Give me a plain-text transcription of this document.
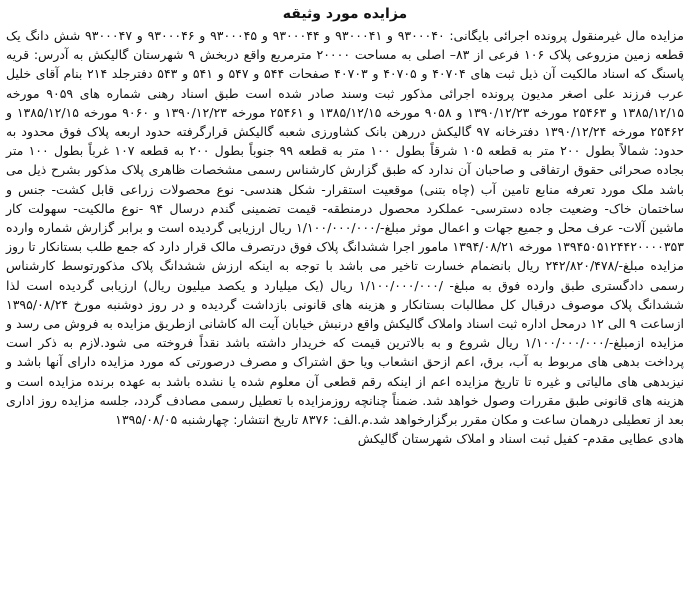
مزایده مورد وثیقه

مزایده مال غیرمنقول پرونده اجرائی بایگانی: ۹۳۰۰۰۴۰ و ۹۳۰۰۰۴۱ و ۹۳۰۰۰۴۴ و ۹۳۰۰۰۴۵ و ۹۳۰۰۰۴۶ و ۹۳۰۰۰۴۷ شش دانگ یک قطعه زمین مزروعی پلاک ۱۰۶ فرعی از ۸۳– اصلی به مساحت ۲۰۰۰۰ مترمربع واقع دربخش ۹ شهرستان گالیکش به آدرس: قریه پاسنگ که اسناد مالکیت آن ذیل ثبت های ۴۰۷۰۴ و ۴۰۷۰۵ و ۴۰۷۰۳ صفحات ۵۴۴ و ۵۴۷ و ۵۴۱ و ۵۴۳ دفترجلد ۲۱۴ بنام آقای خلیل عرب فرزند علی اصغر مدیون پرونده اجرائی مذکور ثبت وسند صادر شده است طبق اسناد رهنی شماره های ۹۰۵۹ مورخه ۱۳۸۵/۱۲/۱۵ و ۲۵۴۶۳ مورخه ۱۳۹۰/۱۲/۲۳ و ۹۰۵۸ مورخه ۱۳۸۵/۱۲/۱۵ و ۲۵۴۶۱ مورخه ۱۳۹۰/۱۲/۲۳ و ۹۰۶۰ مورخه ۱۳۸۵/۱۲/۱۵ و ۲۵۴۶۲ مورخه ۱۳۹۰/۱۲/۲۴ دفترخانه ۹۷ گالیکش دررهن بانک کشاورزی شعبه گالیکش قرارگرفته حدود اربعه پلاک فوق محدود به حدود: شمالاً بطول ۲۰۰ متر به قطعه ۱۰۵ شرقاً بطول ۱۰۰ متر به قطعه ۹۹ جنوباً بطول ۲۰۰ به قطعه ۱۰۷ غرباً بطول ۱۰۰ متر بجاده صحرائی حقوق ارتفاقی و صاحبان آن ندارد که طبق گزارش کارشناس رسمی مشخصات ظاهری پلاک مذکور بشرح ذیل می باشد ملک مورد تعرفه منابع تامین آب (چاه بتنی) موقعیت استقرار- شکل هندسی- نوع محصولات زراعی قابل کشت- جنس و ساختمان خاک- وضعیت جاده دسترسی- عملکرد محصول درمنطقه- قیمت تضمینی گندم درسال ۹۴ -نوع مالکیت- سهولت کار ماشین آلات- عرف محل و جمیع جهات و اعمال موثر مبلغ-/۱/۱۰۰/۰۰۰/۰۰۰ ریال ارزیابی گردیده است و برابر گزارش شماره وارده ۱۳۹۴۵۰۵۱۲۴۴۲۰۰۰۰۳۵۳ مورخه ۱۳۹۴/۰۸/۲۱ مامور اجرا ششدانگ پلاک فوق درتصرف مالک قرار دارد که جمع طلب بستانکار تا روز مزایده مبلغ-/۲۴۲/۸۲۰/۴۷۸ ریال بانضمام خسارت تاخیر می باشد با توجه به اینکه ارزش ششدانگ پلاک مذکورتوسط کارشناس رسمی دادگستری طبق وارده فوق به مبلغ- /۱/۱۰۰/۰۰۰/۰۰۰ ریال (یک میلیارد و یکصد میلیون ریال) ارزیابی گردیده است لذا ششدانگ پلاک موصوف درقبال کل مطالبات بستانکار و هزینه های قانونی بازداشت گردیده و در روز دوشنبه مورخ ۱۳۹۵/۰۸/۲۴ ازساعت ۹ الی ۱۲ درمحل اداره ثبت اسناد واملاک گالیکش واقع درنبش خیابان آیت اله کاشانی ازطریق مزایده به فروش می رسد و مزایده ازمبلغ-/۱/۱۰۰/۰۰۰/۰۰۰ ریال شروع و به بالاترین قیمت که خریدار داشته باشد نقداً فروخته می شود.لازم به ذکر است پرداخت بدهی های مربوط به آب، برق، اعم ازحق انشعاب ویا حق اشتراک و مصرف درصورتی که مورد مزایده دارای آنها باشد و نیزبدهی های مالیاتی و غیره تا تاریخ مزایده اعم از اینکه رقم قطعی آن معلوم شده یا نشده باشد به عهده برنده مزایده است و هزینه های قانونی طبق مقررات وصول خواهد شد. ضمناً چنانچه روزمزایده با تعطیل رسمی مصادف گردد، جلسه مزایده روز اداری بعد از تعطیلی درهمان ساعت و مکان مقرر برگزارخواهد شد.م.الف: ۸۳۷۶ تاریخ انتشار: چهارشنبه ۱۳۹۵/۰۸/۰۵

هادی عطایی مقدم- کفیل ثبت اسناد و املاک شهرستان گالیکش
